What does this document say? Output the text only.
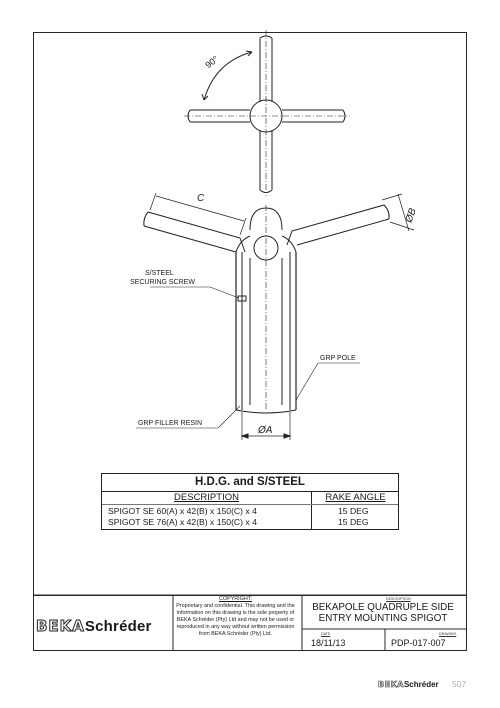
90°
C
ØB
ØA
S/STEEL
SECURING SCREW
GRP POLE
GRP FILLER RESIN
H.D.G. and S/STEEL
DESCRIPTION	RAKE ANGLE
SPIGOT SE 60(A) x 42(B) x 150(C) x 4	15 DEG
SPIGOT SE 76(A) x 42(B) x 150(C) x 4	15 DEG
BEKASchréder
COPYRIGHT:
Proprietary and confidential. This drawing and the information on this drawing is the sole property of BEKA Schréder (Pty) Ltd and may not be used or reproduced in any way without written permission from BEKA Schréder (Pty) Ltd.
DESCRIPTION
BEKAPOLE QUADRUPLE SIDE
ENTRY MOUNTING SPIGOT
DATE
18/11/13
DRAWING
PDP-017-007
BEKASchréder 507
